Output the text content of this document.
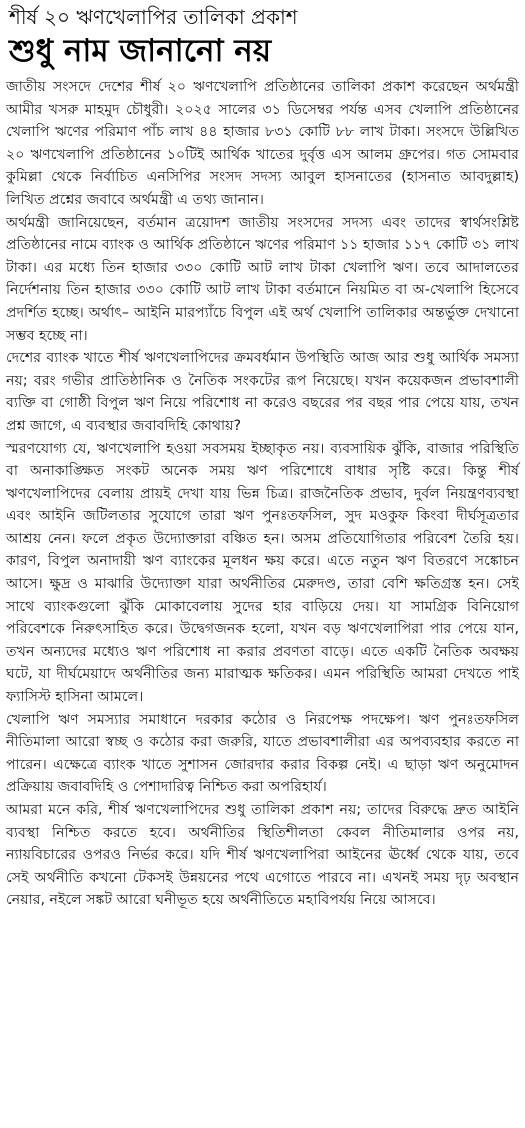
শীর্ষ ২০ ঋণখেলাপির তালিকা প্রকাশ
শুধু নাম জানানো নয়

জাতীয় সংসদে দেশের শীর্ষ ২০ ঋণখেলাপি প্রতিষ্ঠানের তালিকা প্রকাশ করেছেন অর্থমন্ত্রী আমীর খসরু মাহমুদ চৌধুরী। ২০২৫ সালের ৩১ ডিসেম্বর পর্যন্ত এসব খেলাপি প্রতিষ্ঠানের খেলাপি ঋণের পরিমাণ পাঁচ লাখ ৪৪ হাজার ৮৩১ কোটি ৮৮ লাখ টাকা। সংসদে উল্লিখিত ২০ ঋণখেলাপি প্রতিষ্ঠানের ১০টিই আর্থিক খাতের দুর্বৃত্ত এস আলম গ্রুপের। গত সোমবার কুমিল্লা থেকে নির্বাচিত এনসিপির সংসদ সদস্য আবুল হাসনাতের (হাসনাত আবদুল্লাহ) লিখিত প্রশ্নের জবাবে অর্থমন্ত্রী এ তথ্য জানান।

অর্থমন্ত্রী জানিয়েছেন, বর্তমান ত্রয়োদশ জাতীয় সংসদের সদস্য এবং তাদের স্বার্থসংশ্লিষ্ট প্রতিষ্ঠানের নামে ব্যাংক ও আর্থিক প্রতিষ্ঠানে ঋণের পরিমাণ ১১ হাজার ১১৭ কোটি ৩১ লাখ টাকা। এর মধ্যে তিন হাজার ৩৩০ কোটি আট লাখ টাকা খেলাপি ঋণ। তবে আদালতের নির্দেশনায় তিন হাজার ৩৩০ কোটি আট লাখ টাকা বর্তমানে নিয়মিত বা অ-খেলাপি হিসেবে প্রদর্শিত হচ্ছে। অর্থাৎ– আইনি মারপ্যাঁচে বিপুল এই অর্থ খেলাপি তালিকার অন্তর্ভুক্ত দেখানো সম্ভব হচ্ছে না।

দেশের ব্যাংক খাতে শীর্ষ ঋণখেলাপিদের ক্রমবর্ধমান উপস্থিতি আজ আর শুধু আর্থিক সমস্যা নয়; বরং গভীর প্রাতিষ্ঠানিক ও নৈতিক সংকটের রূপ নিয়েছে। যখন কয়েকজন প্রভাবশালী ব্যক্তি বা গোষ্ঠী বিপুল ঋণ নিয়ে পরিশোধ না করেও বছরের পর বছর পার পেয়ে যায়, তখন প্রশ্ন জাগে, এ ব্যবস্থার জবাবদিহি কোথায়?

স্মরণযোগ্য যে, ঋণখেলাপি হওয়া সবসময় ইচ্ছাকৃত নয়। ব্যবসায়িক ঝুঁকি, বাজার পরিস্থিতি বা অনাকাঙ্ক্ষিত সংকট অনেক সময় ঋণ পরিশোধে বাধার সৃষ্টি করে। কিন্তু শীর্ষ ঋণখেলাপিদের বেলায় প্রায়ই দেখা যায় ভিন্ন চিত্র। রাজনৈতিক প্রভাব, দুর্বল নিয়ন্ত্রণব্যবস্থা এবং আইনি জটিলতার সুযোগে তারা ঋণ পুনঃতফসিল, সুদ মওকুফ কিংবা দীর্ঘসূত্রতার আশ্রয় নেন। ফলে প্রকৃত উদ্যোক্তারা বঞ্চিত হন। অসম প্রতিযোগিতার পরিবেশ তৈরি হয়। কারণ, বিপুল অনাদায়ী ঋণ ব্যাংকের মূলধন ক্ষয় করে। এতে নতুন ঋণ বিতরণে সঙ্কোচন আসে। ক্ষুদ্র ও মাঝারি উদ্যোক্তা যারা অর্থনীতির মেরুদণ্ড, তারা বেশি ক্ষতিগ্রস্ত হন। সেই সাথে ব্যাংকগুলো ঝুঁকি মোকাবেলায় সুদের হার বাড়িয়ে দেয়। যা সামগ্রিক বিনিয়োগ পরিবেশকে নিরুৎসাহিত করে। উদ্বেগজনক হলো, যখন বড় ঋণখেলাপিরা পার পেয়ে যান, তখন অন্যদের মধ্যেও ঋণ পরিশোধ না করার প্রবণতা বাড়ে। এতে একটি নৈতিক অবক্ষয় ঘটে, যা দীর্ঘমেয়াদে অর্থনীতির জন্য মারাত্মক ক্ষতিকর। এমন পরিস্থিতি আমরা দেখতে পাই ফ্যাসিস্ট হাসিনা আমলে।

খেলাপি ঋণ সমস্যার সমাধানে দরকার কঠোর ও নিরপেক্ষ পদক্ষেপ। ঋণ পুনঃতফসিল নীতিমালা আরো স্বচ্ছ ও কঠোর করা জরুরি, যাতে প্রভাবশালীরা এর অপব্যবহার করতে না পারেন। এক্ষেত্রে ব্যাংক খাতে সুশাসন জোরদার করার বিকল্প নেই। এ ছাড়া ঋণ অনুমোদন প্রক্রিয়ায় জবাবদিহি ও পেশাদারিত্ব নিশ্চিত করা অপরিহার্য।

আমরা মনে করি, শীর্ষ ঋণখেলাপিদের শুধু তালিকা প্রকাশ নয়; তাদের বিরুদ্ধে দ্রুত আইনি ব্যবস্থা নিশ্চিত করতে হবে। অর্থনীতির স্থিতিশীলতা কেবল নীতিমালার ওপর নয়, ন্যায়বিচারের ওপরও নির্ভর করে। যদি শীর্ষ ঋণখেলাপিরা আইনের ঊর্ধ্বে থেকে যায়, তবে সেই অর্থনীতি কখনো টেকসই উন্নয়নের পথে এগোতে পারবে না। এখনই সময় দৃঢ় অবস্থান নেয়ার, নইলে সঙ্কট আরো ঘনীভূত হয়ে অর্থনীতিতে মহাবিপর্যয় নিয়ে আসবে।
